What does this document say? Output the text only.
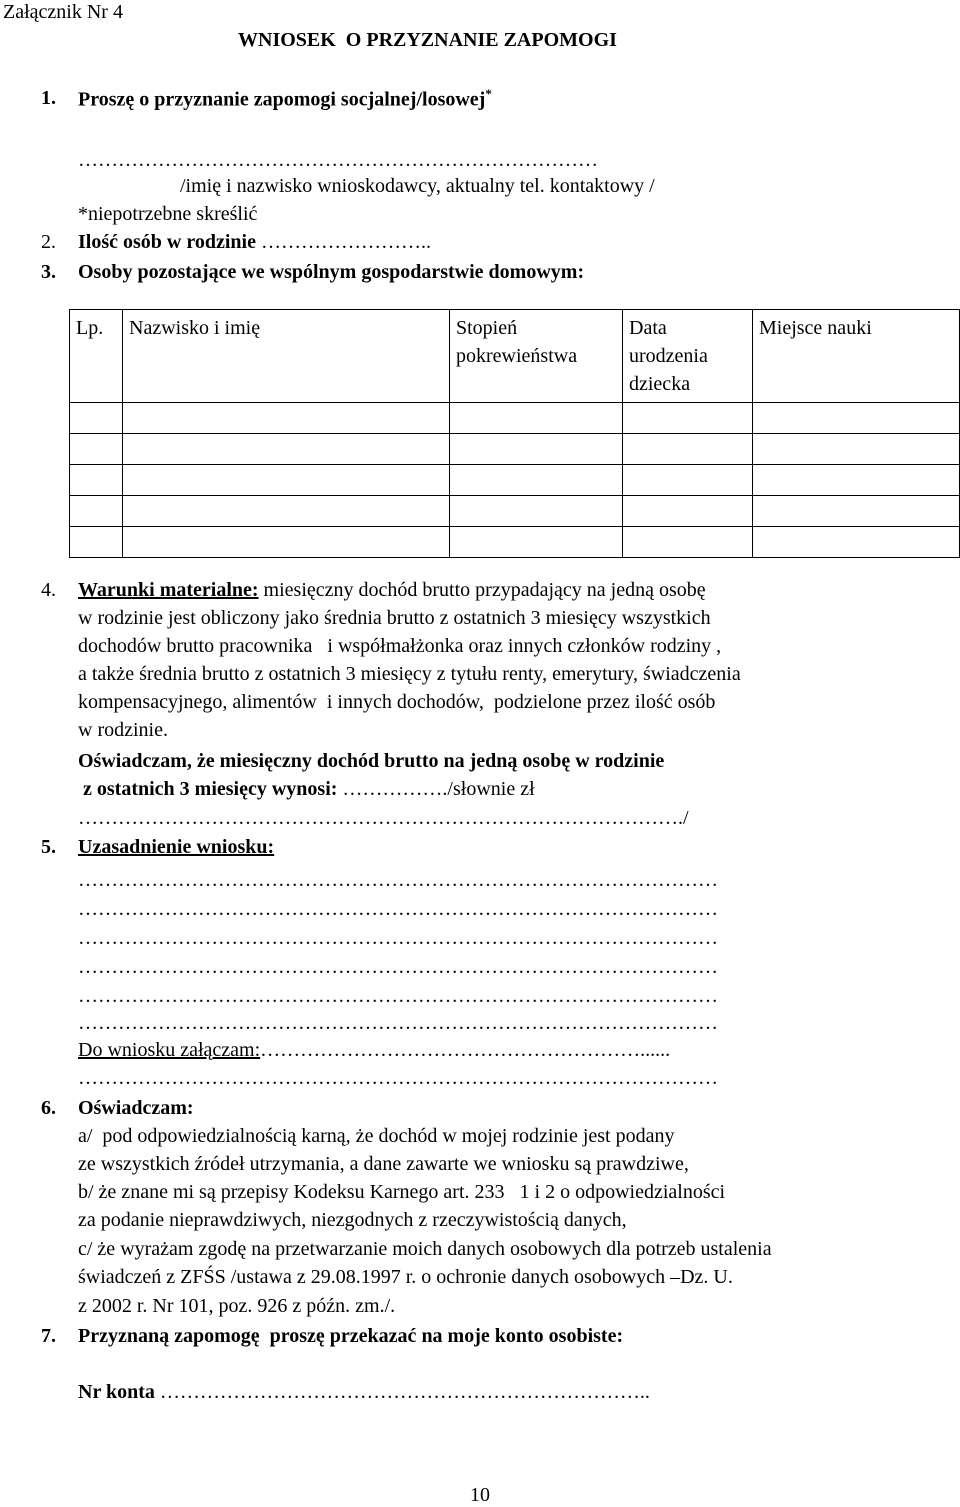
Załącznik Nr 4
WNIOSEK  O PRZYZNANIE ZAPOMOGI
1. Proszę o przyznanie zapomogi socjalnej/losowej*
……………………………………………………………………
/imię i nazwisko wnioskodawcy, aktualny tel. kontaktowy /
*niepotrzebne skreślić
2. Ilość osób w rodzinie ……………………..
3. Osoby pozostające we wspólnym gospodarstwie domowym:
Lp.	Nazwisko i imię	Stopień pokrewieństwa	Data urodzenia dziecka	Miejsce nauki

4. Warunki materialne: miesięczny dochód brutto przypadający na jedną osobę
w rodzinie jest obliczony jako średnia brutto z ostatnich 3 miesięcy wszystkich
dochodów brutto pracownika   i współmałżonka oraz innych członków rodziny ,
a także średnia brutto z ostatnich 3 miesięcy z tytułu renty, emerytury, świadczenia
kompensacyjnego, alimentów  i innych dochodów,  podzielone przez ilość osób
w rodzinie.
Oświadczam, że miesięczny dochód brutto na jedną osobę w rodzinie
z ostatnich 3 miesięcy wynosi: ……………./słownie zł
………………………………………………………………………………./
5. Uzasadnienie wniosku:
……………………………………………………………………………………
……………………………………………………………………………………
……………………………………………………………………………………
……………………………………………………………………………………
……………………………………………………………………………………
……………………………………………………………………………………
Do wniosku załączam:…………………………………………………......
……………………………………………………………………………………
6. Oświadczam:
a/  pod odpowiedzialnością karną, że dochód w mojej rodzinie jest podany
ze wszystkich źródeł utrzymania, a dane zawarte we wniosku są prawdziwe,
b/ że znane mi są przepisy Kodeksu Karnego art. 233   1 i 2 o odpowiedzialności
za podanie nieprawdziwych, niezgodnych z rzeczywistością danych,
c/ że wyrażam zgodę na przetwarzanie moich danych osobowych dla potrzeb ustalenia
świadczeń z ZFŚS /ustawa z 29.08.1997 r. o ochronie danych osobowych –Dz. U.
z 2002 r. Nr 101, poz. 926 z późn. zm./.
7. Przyznaną zapomogę  proszę przekazać na moje konto osobiste:
Nr konta ………………………………………………………………..
10
